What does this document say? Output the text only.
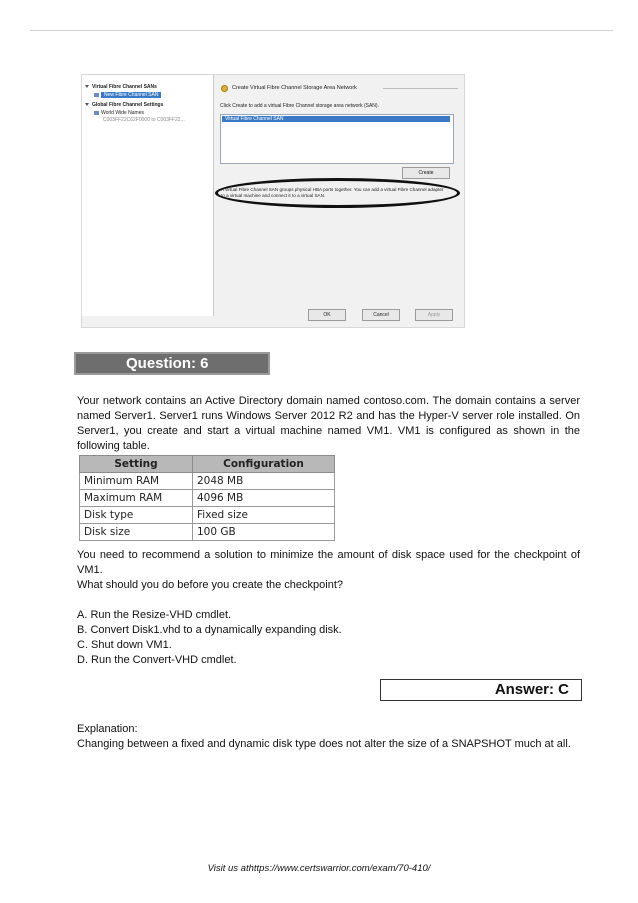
Virtual Fibre Channel SANs
New Fibre Channel SAN
Global Fibre Channel Settings
World Wide Names
C003FF22C62F0000 to C003FF22...
Create Virtual Fibre Channel Storage Area Network
Click Create to add a virtual Fibre Channel storage area network (SAN).
Virtual Fibre Channel SAN
Create
A virtual Fibre Channel SAN groups physical HBA ports together. You can add a virtual Fibre Channel adapter to a virtual machine and connect it to a virtual SAN.
OK	Cancel	Apply
Question: 6
Your network contains an Active Directory domain named contoso.com. The domain contains a server named Server1. Server1 runs Windows Server 2012 R2 and has the Hyper-V server role installed. On Server1, you create and start a virtual machine named VM1. VM1 is configured as shown in the following table.
Setting	Configuration
Minimum RAM	2048 MB
Maximum RAM	4096 MB
Disk type	Fixed size
Disk size	100 GB
You need to recommend a solution to minimize the amount of disk space used for the checkpoint of VM1.
What should you do before you create the checkpoint?
A. Run the Resize-VHD cmdlet.
B. Convert Disk1.vhd to a dynamically expanding disk.
C. Shut down VM1.
D. Run the Convert-VHD cmdlet.
Answer: C
Explanation:
Changing between a fixed and dynamic disk type does not alter the size of a SNAPSHOT much at all.
Visit us athttps://www.certswarrior.com/exam/70-410/
